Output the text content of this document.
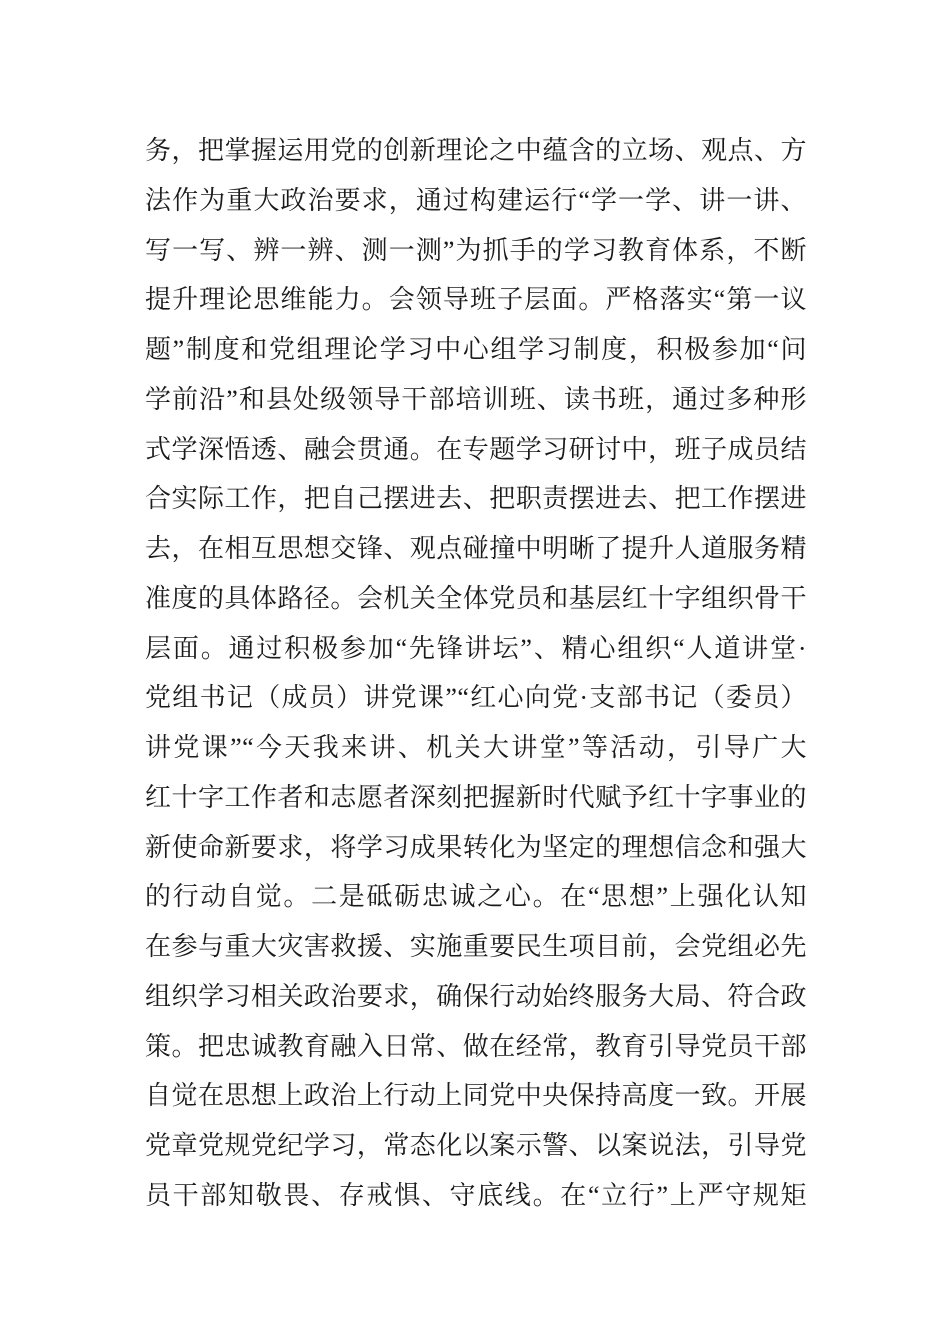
务，把掌握运用党的创新理论之中蕴含的立场、观点、方
法作为重大政治要求，通过构建运行“学一学、讲一讲、
写一写、辨一辨、测一测”为抓手的学习教育体系，不断
提升理论思维能力。会领导班子层面。严格落实“第一议
题”制度和党组理论学习中心组学习制度，积极参加“问
学前沿”和县处级领导干部培训班、读书班，通过多种形
式学深悟透、融会贯通。在专题学习研讨中，班子成员结
合实际工作，把自己摆进去、把职责摆进去、把工作摆进
去，在相互思想交锋、观点碰撞中明晰了提升人道服务精
准度的具体路径。会机关全体党员和基层红十字组织骨干
层面。通过积极参加“先锋讲坛”、精心组织“人道讲堂·
党组书记（成员）讲党课”“红心向党·支部书记（委员）
讲党课”“今天我来讲、机关大讲堂”等活动，引导广大
红十字工作者和志愿者深刻把握新时代赋予红十字事业的
新使命新要求，将学习成果转化为坚定的理想信念和强大
的行动自觉。二是砥砺忠诚之心。在“思想”上强化认知
在参与重大灾害救援、实施重要民生项目前，会党组必先
组织学习相关政治要求，确保行动始终服务大局、符合政
策。把忠诚教育融入日常、做在经常，教育引导党员干部
自觉在思想上政治上行动上同党中央保持高度一致。开展
党章党规党纪学习，常态化以案示警、以案说法，引导党
员干部知敬畏、存戒惧、守底线。在“立行”上严守规矩
